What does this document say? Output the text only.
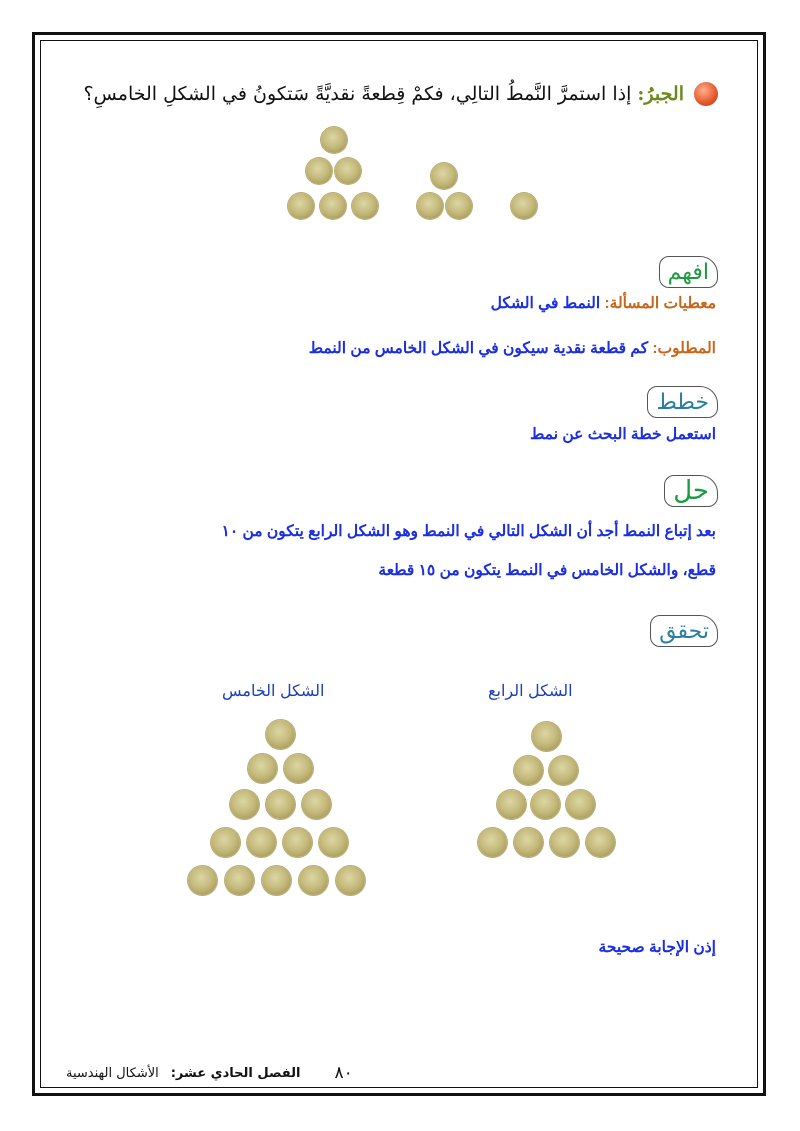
الجبرُ: إذا استمرَّ النَّمطُ التالِي، فكمْ قِطعةً نقديَّةً سَتكونُ في الشكلِ الخامسِ؟
افهم
معطيات المسألة: النمط في الشكل
المطلوب: كم قطعة نقدية سيكون في الشكل الخامس من النمط
خطط
استعمل خطة البحث عن نمط
حل
بعد إتباع النمط أجد أن الشكل التالي في النمط وهو الشكل الرابع يتكون من ١٠
قطع، والشكل الخامس في النمط يتكون من ١٥ قطعة
تحقق
الشكل الرابع
الشكل الخامس
إذن الإجابة صحيحة
٨٠
الفصل الحادي عشر:
الأشكال الهندسية
